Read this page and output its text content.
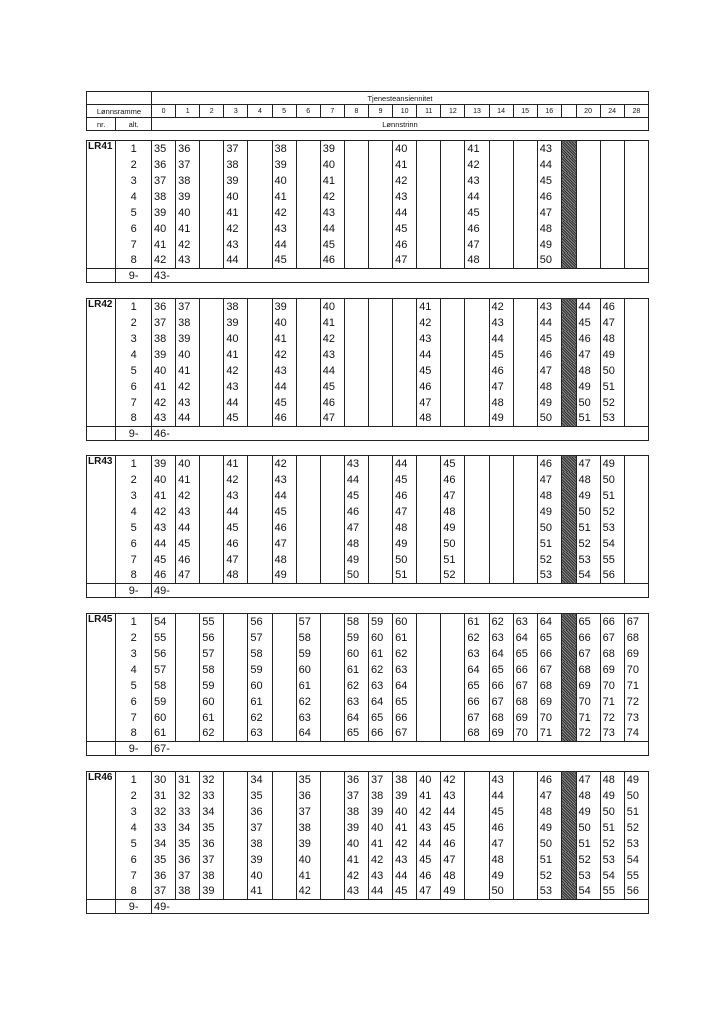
		Tjenesteansiennitet																				
Lønnsramme		0	1	2	3	4	5	6	7	8	9	10	11	12	13	14	15	16		20	24	28
nr.	alt.	Lønnstrinn																				
LR41	1	35	36		37		38		39			40			41			43				
	2	36	37		38		39		40			41			42			44				
	3	37	38		39		40		41			42			43			45				
	4	38	39		40		41		42			43			44			46				
	5	39	40		41		42		43			44			45			47				
	6	40	41		42		43		44			45			46			48				
	7	41	42		43		44		45			46			47			49				
	8	42	43		44		45		46			47			48			50				
	9-	43-																				
LR42	1	36	37		38		39		40				41			42		43		44	46	
	2	37	38		39		40		41				42			43		44		45	47	
	3	38	39		40		41		42				43			44		45		46	48	
	4	39	40		41		42		43				44			45		46		47	49	
	5	40	41		42		43		44				45			46		47		48	50	
	6	41	42		43		44		45				46			47		48		49	51	
	7	42	43		44		45		46				47			48		49		50	52	
	8	43	44		45		46		47				48			49		50		51	53	
	9-	46-																				
LR43	1	39	40		41		42			43		44		45				46		47	49	
	2	40	41		42		43			44		45		46				47		48	50	
	3	41	42		43		44			45		46		47				48		49	51	
	4	42	43		44		45			46		47		48				49		50	52	
	5	43	44		45		46			47		48		49				50		51	53	
	6	44	45		46		47			48		49		50				51		52	54	
	7	45	46		47		48			49		50		51				52		53	55	
	8	46	47		48		49			50		51		52				53		54	56	
	9-	49-																				
LR45	1	54		55		56		57		58	59	60			61	62	63	64		65	66	67
	2	55		56		57		58		59	60	61			62	63	64	65		66	67	68
	3	56		57		58		59		60	61	62			63	64	65	66		67	68	69
	4	57		58		59		60		61	62	63			64	65	66	67		68	69	70
	5	58		59		60		61		62	63	64			65	66	67	68		69	70	71
	6	59		60		61		62		63	64	65			66	67	68	69		70	71	72
	7	60		61		62		63		64	65	66			67	68	69	70		71	72	73
	8	61		62		63		64		65	66	67			68	69	70	71		72	73	74
	9-	67-																				
LR46	1	30	31	32		34		35		36	37	38	40	42		43		46		47	48	49
	2	31	32	33		35		36		37	38	39	41	43		44		47		48	49	50
	3	32	33	34		36		37		38	39	40	42	44		45		48		49	50	51
	4	33	34	35		37		38		39	40	41	43	45		46		49		50	51	52
	5	34	35	36		38		39		40	41	42	44	46		47		50		51	52	53
	6	35	36	37		39		40		41	42	43	45	47		48		51		52	53	54
	7	36	37	38		40		41		42	43	44	46	48		49		52		53	54	55
	8	37	38	39		41		42		43	44	45	47	49		50		53		54	55	56
	9-	49-																				
